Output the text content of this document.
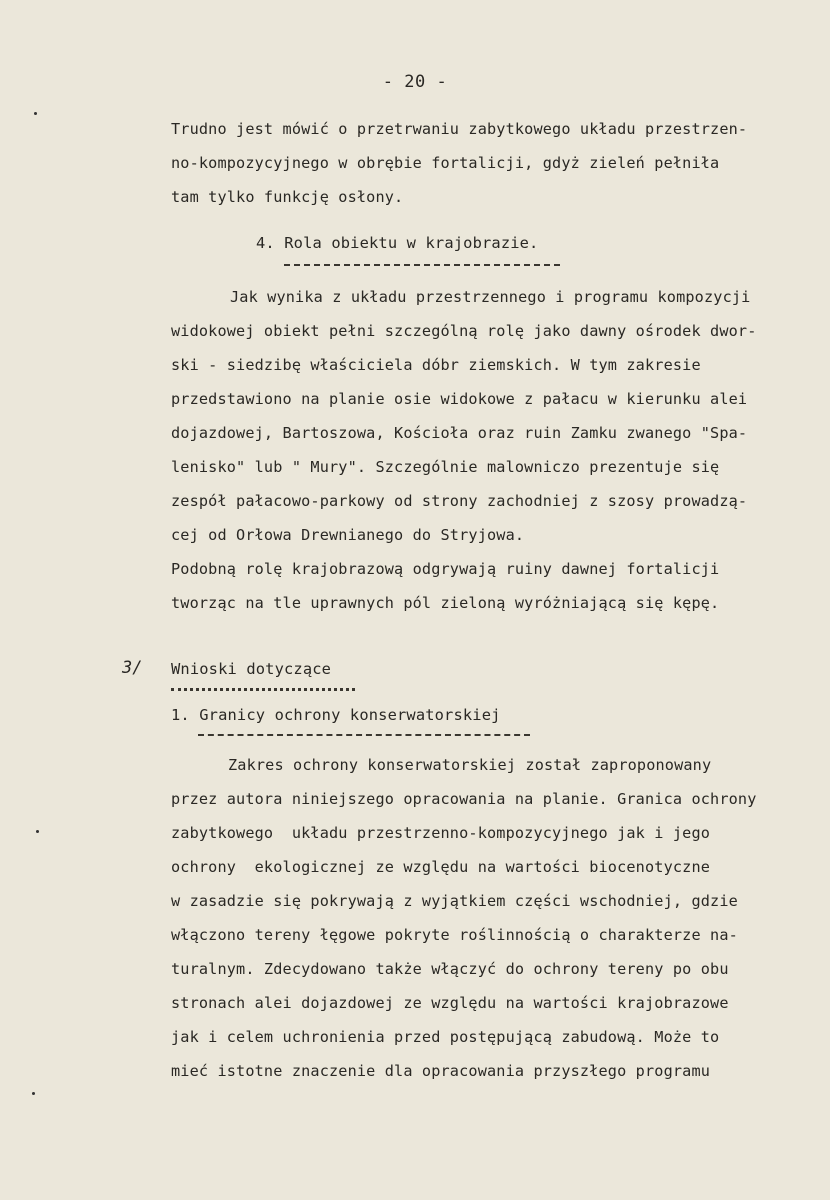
- 20 -
Trudno jest mówić o przetrwaniu zabytkowego układu przestrzen-
no-kompozycyjnego w obrębie fortalicji, gdyż zieleń pełniła
tam tylko funkcję osłony.
4. Rola obiektu w krajobrazie.
Jak wynika z układu przestrzennego i programu kompozycji
widokowej obiekt pełni szczególną rolę jako dawny ośrodek dwor-
ski - siedzibę właściciela dóbr ziemskich. W tym zakresie
przedstawiono na planie osie widokowe z pałacu w kierunku alei
dojazdowej, Bartoszowa, Kościoła oraz ruin Zamku zwanego "Spa-
lenisko" lub " Mury". Szczególnie malowniczo prezentuje się
zespół pałacowo-parkowy od strony zachodniej z szosy prowadzą-
cej od Orłowa Drewnianego do Stryjowa.
Podobną rolę krajobrazową odgrywają ruiny dawnej fortalicji
tworząc na tle uprawnych pól zieloną wyróżniającą się kępę.
3/ Wnioski dotyczące
1. Granicy ochrony konserwatorskiej
Zakres ochrony konserwatorskiej został zaproponowany
przez autora niniejszego opracowania na planie. Granica ochrony
zabytkowego  układu przestrzenno-kompozycyjnego jak i jego
ochrony  ekologicznej ze względu na wartości biocenotyczne
w zasadzie się pokrywają z wyjątkiem części wschodniej, gdzie
włączono tereny łęgowe pokryte roślinnością o charakterze na-
turalnym. Zdecydowano także włączyć do ochrony tereny po obu
stronach alei dojazdowej ze względu na wartości krajobrazowe
jak i celem uchronienia przed postępującą zabudową. Może to
mieć istotne znaczenie dla opracowania przyszłego programu
